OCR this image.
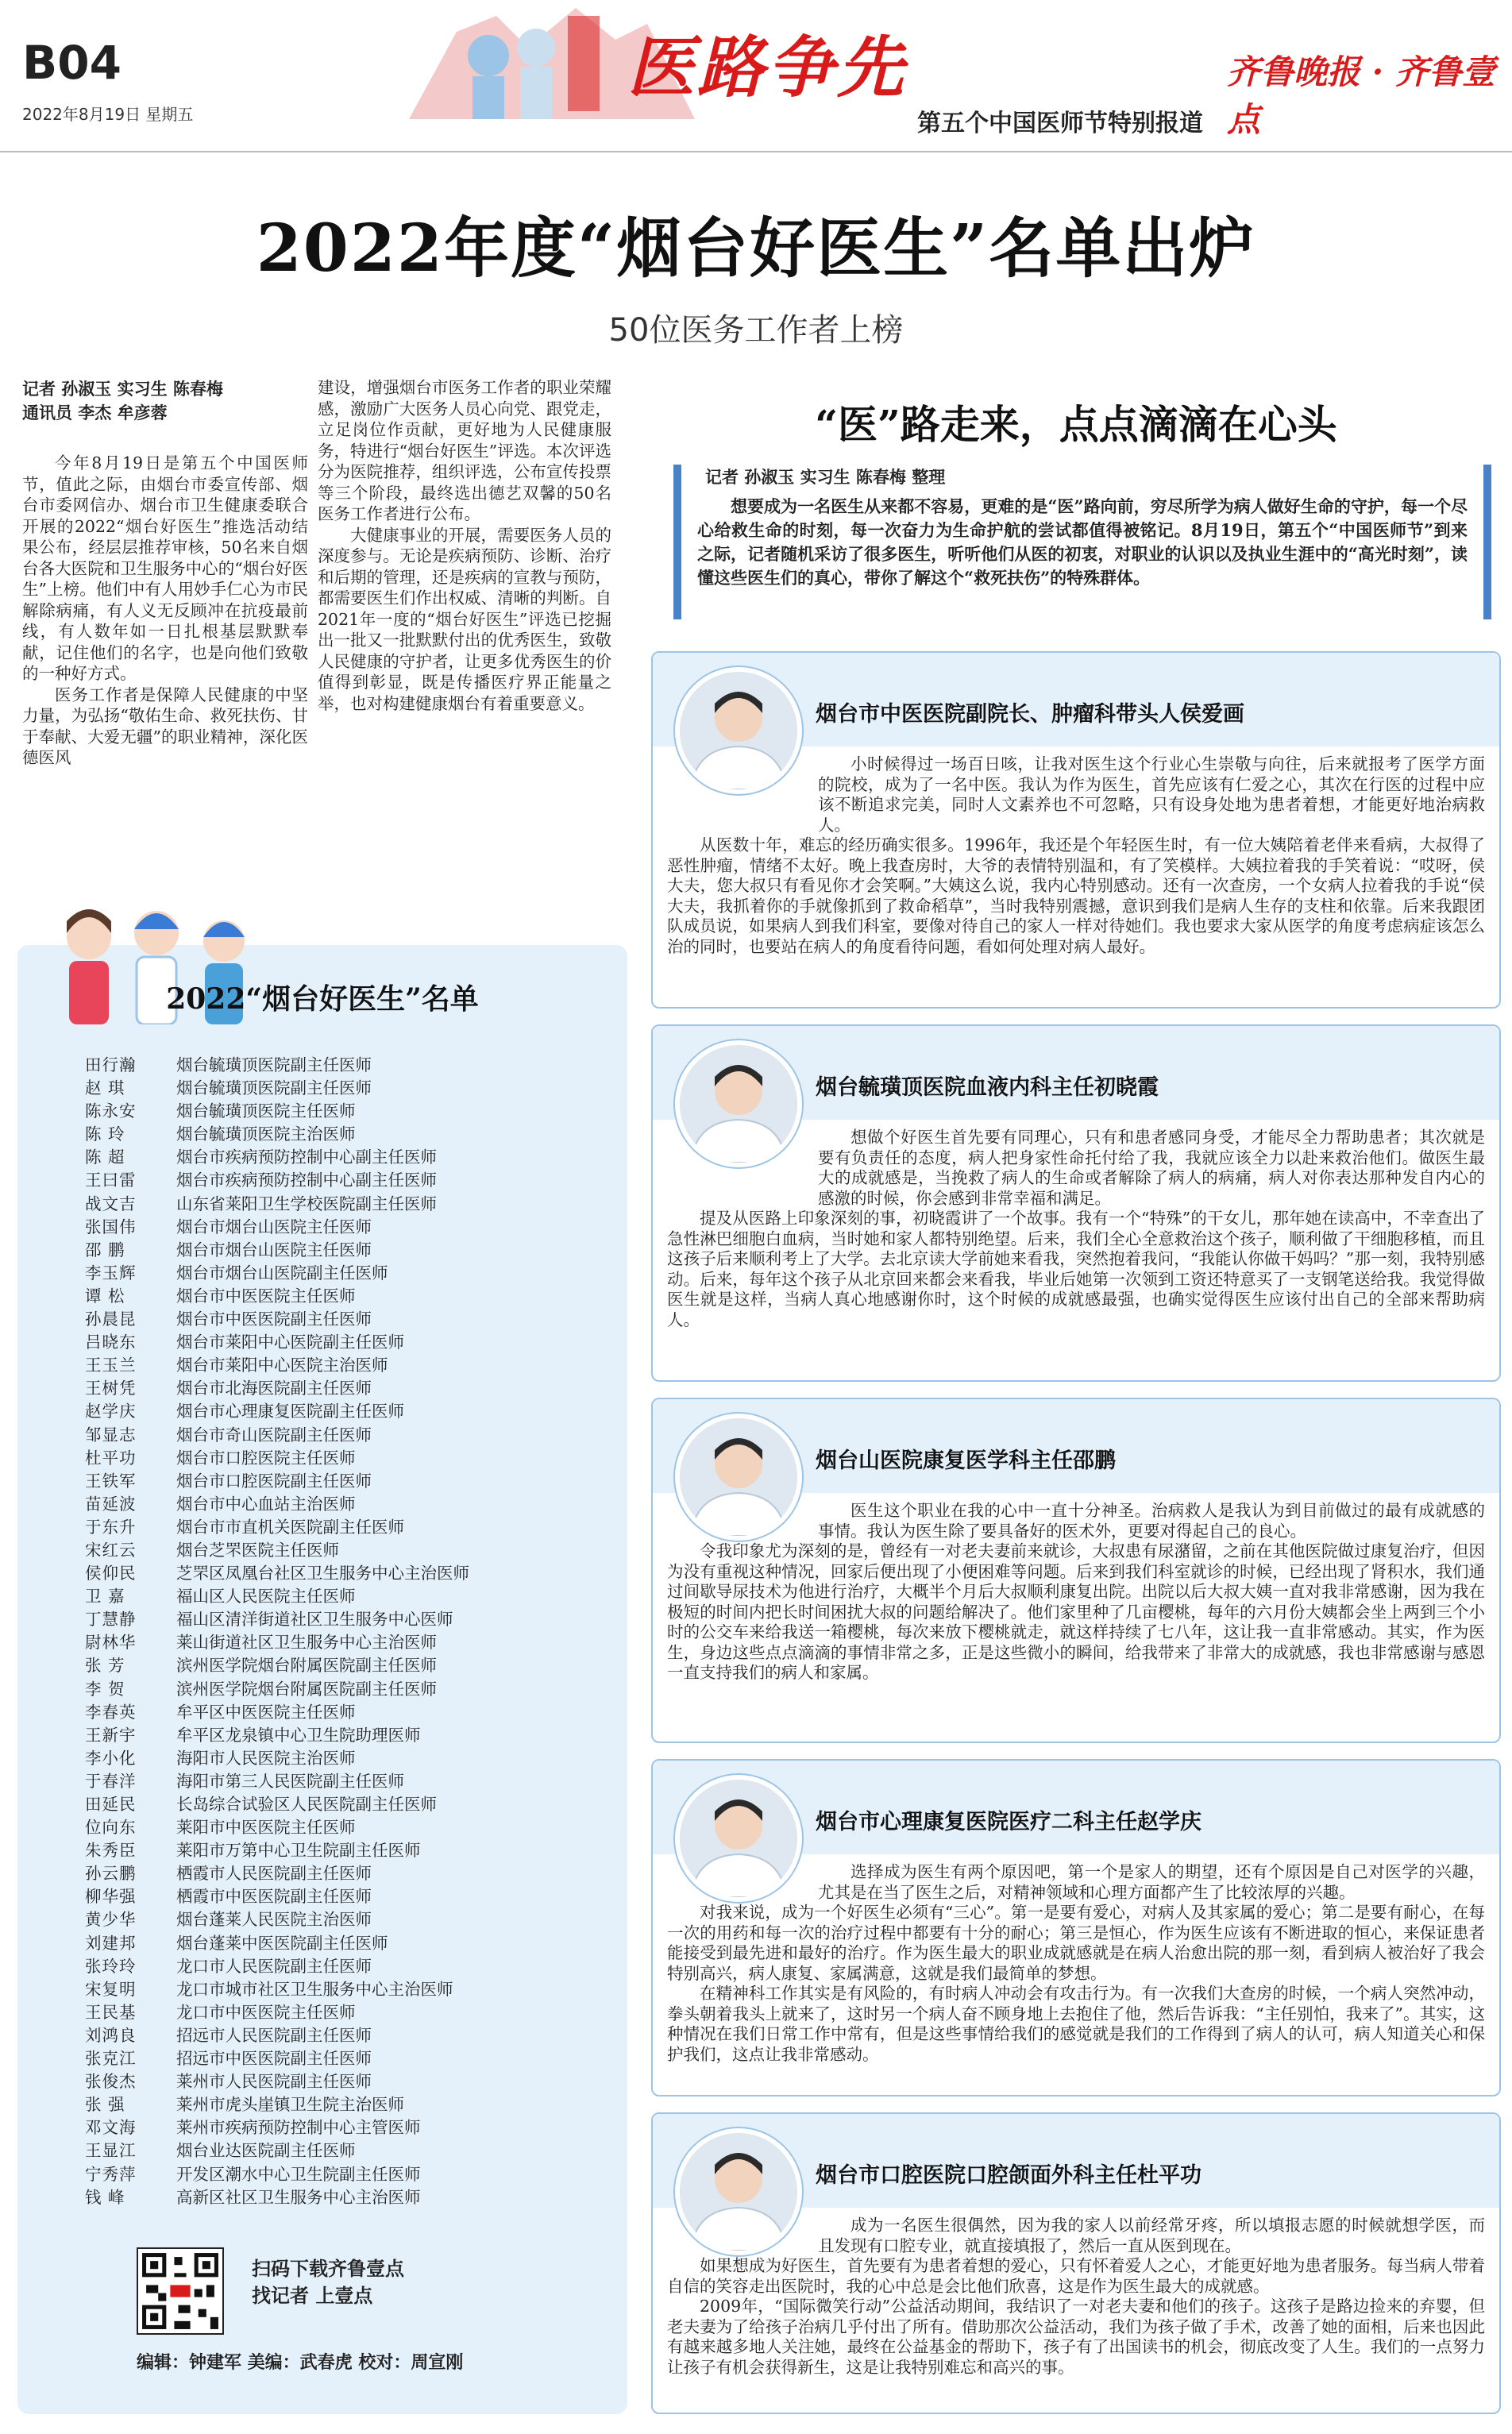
B04
2022年8月19日 星期五
医路争先
第五个中国医师节特别报道
齐鲁晚报 · 齐鲁壹点
2022年度“烟台好医生”名单出炉
50位医务工作者上榜
记者 孙淑玉 实习生 陈春梅
通讯员 李杰 牟彦蓉

今年8月19日是第五个中国医师节，值此之际，由烟台市委宣传部、烟台市委网信办、烟台市卫生健康委联合开展的2022“烟台好医生”推选活动结果公布，经层层推荐审核，50名来自烟台各大医院和卫生服务中心的“烟台好医生”上榜。他们中有人用妙手仁心为市民解除病痛，有人义无反顾冲在抗疫最前线，有人数年如一日扎根基层默默奉献，记住他们的名字，也是向他们致敬的一种好方式。

医务工作者是保障人民健康的中坚力量，为弘扬“敬佑生命、救死扶伤、甘于奉献、大爱无疆”的职业精神，深化医德医风

建设，增强烟台市医务工作者的职业荣耀感，激励广大医务人员心向党、跟党走，立足岗位作贡献，更好地为人民健康服务，特进行“烟台好医生”评选。本次评选分为医院推荐，组织评选，公布宣传投票等三个阶段，最终选出德艺双馨的50名医务工作者进行公布。

大健康事业的开展，需要医务人员的深度参与。无论是疾病预防、诊断、治疗和后期的管理，还是疾病的宣教与预防，都需要医生们作出权威、清晰的判断。自2021年一度的“烟台好医生”评选已挖掘出一批又一批默默付出的优秀医生，致敬人民健康的守护者，让更多优秀医生的价值得到彰显，既是传播医疗界正能量之举，也对构建健康烟台有着重要意义。

“医”路走来，点点滴滴在心头
记者 孙淑玉 实习生 陈春梅 整理

想要成为一名医生从来都不容易，更难的是“医”路向前，穷尽所学为病人做好生命的守护，每一个尽心给救生命的时刻，每一次奋力为生命护航的尝试都值得被铭记。8月19日，第五个“中国医师节”到来之际，记者随机采访了很多医生，听听他们从医的初衷，对职业的认识以及执业生涯中的“高光时刻”，读懂这些医生们的真心，带你了解这个“救死扶伤”的特殊群体。

2022“烟台好医生”名单
田行瀚	烟台毓璜顶医院副主任医师
赵 琪	烟台毓璜顶医院副主任医师
陈永安	烟台毓璜顶医院主任医师
陈 玲	烟台毓璜顶医院主治医师
陈 超	烟台市疾病预防控制中心副主任医师
王曰雷	烟台市疾病预防控制中心副主任医师
战文吉	山东省莱阳卫生学校医院副主任医师
张国伟	烟台市烟台山医院主任医师
邵 鹏	烟台市烟台山医院主任医师
李玉辉	烟台市烟台山医院副主任医师
谭 松	烟台市中医医院主任医师
孙晨昆	烟台市中医医院副主任医师
吕晓东	烟台市莱阳中心医院副主任医师
王玉兰	烟台市莱阳中心医院主治医师
王树凭	烟台市北海医院副主任医师
赵学庆	烟台市心理康复医院副主任医师
邹显志	烟台市奇山医院副主任医师
杜平功	烟台市口腔医院主任医师
王铁军	烟台市口腔医院副主任医师
苗延波	烟台市中心血站主治医师
于东升	烟台市市直机关医院副主任医师
宋红云	烟台芝罘医院主任医师
侯仰民	芝罘区凤凰台社区卫生服务中心主治医师
卫 嘉	福山区人民医院主任医师
丁慧静	福山区清洋街道社区卫生服务中心医师
尉林华	莱山街道社区卫生服务中心主治医师
张 芳	滨州医学院烟台附属医院副主任医师
李 贺	滨州医学院烟台附属医院副主任医师
李春英	牟平区中医医院主任医师
王新宇	牟平区龙泉镇中心卫生院助理医师
李小化	海阳市人民医院主治医师
于春洋	海阳市第三人民医院副主任医师
田延民	长岛综合试验区人民医院副主任医师
位向东	莱阳市中医医院主任医师
朱秀臣	莱阳市万第中心卫生院副主任医师
孙云鹏	栖霞市人民医院副主任医师
柳华强	栖霞市中医医院副主任医师
黄少华	烟台蓬莱人民医院主治医师
刘建邦	烟台蓬莱中医医院副主任医师
张玲玲	龙口市人民医院副主任医师
宋复明	龙口市城市社区卫生服务中心主治医师
王民基	龙口市中医医院主任医师
刘鸿良	招远市人民医院副主任医师
张克江	招远市中医医院副主任医师
张俊杰	莱州市人民医院副主任医师
张 强	莱州市虎头崖镇卫生院主治医师
邓文海	莱州市疾病预防控制中心主管医师
王显江	烟台业达医院副主任医师
宁秀萍	开发区潮水中心卫生院副主任医师
钱 峰	高新区社区卫生服务中心主治医师
扫码下载齐鲁壹点
找记者 上壹点
编辑：钟建军 美编：武春虎 校对：周宣刚
烟台市中医医院副院长、肿瘤科带头人侯爱画

小时候得过一场百日咳，让我对医生这个行业心生崇敬与向往，后来就报考了医学方面的院校，成为了一名中医。我认为作为医生，首先应该有仁爱之心，其次在行医的过程中应该不断追求完美，同时人文素养也不可忽略，只有设身处地为患者着想，才能更好地治病救人。

从医数十年，难忘的经历确实很多。1996年，我还是个年轻医生时，有一位大姨陪着老伴来看病，大叔得了恶性肿瘤，情绪不太好。晚上我查房时，大爷的表情特别温和，有了笑模样。大姨拉着我的手笑着说：“哎呀，侯大夫，您大叔只有看见你才会笑啊。”大姨这么说，我内心特别感动。还有一次查房，一个女病人拉着我的手说“侯大夫，我抓着你的手就像抓到了救命稻草”，当时我特别震撼，意识到我们是病人生存的支柱和依靠。后来我跟团队成员说，如果病人到我们科室，要像对待自己的家人一样对待她们。我也要求大家从医学的角度考虑病症该怎么治的同时，也要站在病人的角度看待问题，看如何处理对病人最好。

烟台毓璜顶医院血液内科主任初晓霞

想做个好医生首先要有同理心，只有和患者感同身受，才能尽全力帮助患者；其次就是要有负责任的态度，病人把身家性命托付给了我，我就应该全力以赴来救治他们。做医生最大的成就感是，当挽救了病人的生命或者解除了病人的病痛，病人对你表达那种发自内心的感激的时候，你会感到非常幸福和满足。

提及从医路上印象深刻的事，初晓霞讲了一个故事。我有一个“特殊”的干女儿，那年她在读高中，不幸查出了急性淋巴细胞白血病，当时她和家人都特别绝望。后来，我们全心全意救治这个孩子，顺利做了干细胞移植，而且这孩子后来顺利考上了大学。去北京读大学前她来看我，突然抱着我问，“我能认你做干妈吗？”那一刻，我特别感动。后来，每年这个孩子从北京回来都会来看我，毕业后她第一次领到工资还特意买了一支钢笔送给我。我觉得做医生就是这样，当病人真心地感谢你时，这个时候的成就感最强，也确实觉得医生应该付出自己的全部来帮助病人。

烟台山医院康复医学科主任邵鹏

医生这个职业在我的心中一直十分神圣。治病救人是我认为到目前做过的最有成就感的事情。我认为医生除了要具备好的医术外，更要对得起自己的良心。

令我印象尤为深刻的是，曾经有一对老夫妻前来就诊，大叔患有尿潴留，之前在其他医院做过康复治疗，但因为没有重视这种情况，回家后便出现了小便困难等问题。后来到我们科室就诊的时候，已经出现了肾积水，我们通过间歇导尿技术为他进行治疗，大概半个月后大叔顺利康复出院。出院以后大叔大姨一直对我非常感谢，因为我在极短的时间内把长时间困扰大叔的问题给解决了。他们家里种了几亩樱桃，每年的六月份大姨都会坐上两到三个小时的公交车来给我送一箱樱桃，每次来放下樱桃就走，就这样持续了七八年，这让我一直非常感动。其实，作为医生，身边这些点点滴滴的事情非常之多，正是这些微小的瞬间，给我带来了非常大的成就感，我也非常感谢与感恩一直支持我们的病人和家属。

烟台市心理康复医院医疗二科主任赵学庆

选择成为医生有两个原因吧，第一个是家人的期望，还有个原因是自己对医学的兴趣，尤其是在当了医生之后，对精神领域和心理方面都产生了比较浓厚的兴趣。

对我来说，成为一个好医生必须有“三心”。第一是要有爱心，对病人及其家属的爱心；第二是要有耐心，在每一次的用药和每一次的治疗过程中都要有十分的耐心；第三是恒心，作为医生应该有不断进取的恒心，来保证患者能接受到最先进和最好的治疗。作为医生最大的职业成就感就是在病人治愈出院的那一刻，看到病人被治好了我会特别高兴，病人康复、家属满意，这就是我们最简单的梦想。

在精神科工作其实是有风险的，有时病人冲动会有攻击行为。有一次我们大查房的时候，一个病人突然冲动，拳头朝着我头上就来了，这时另一个病人奋不顾身地上去抱住了他，然后告诉我：“主任别怕，我来了”。其实，这种情况在我们日常工作中常有，但是这些事情给我们的感觉就是我们的工作得到了病人的认可，病人知道关心和保护我们，这点让我非常感动。

烟台市口腔医院口腔颌面外科主任杜平功

成为一名医生很偶然，因为我的家人以前经常牙疼，所以填报志愿的时候就想学医，而且发现有口腔专业，就直接填报了，然后一直从医到现在。

如果想成为好医生，首先要有为患者着想的爱心，只有怀着爱人之心，才能更好地为患者服务。每当病人带着自信的笑容走出医院时，我的心中总是会比他们欣喜，这是作为医生最大的成就感。

2009年，“国际微笑行动”公益活动期间，我结识了一对老夫妻和他们的孩子。这孩子是路边捡来的弃婴，但老夫妻为了给孩子治病几乎付出了所有。借助那次公益活动，我们为孩子做了手术，改善了她的面相，后来也因此有越来越多地人关注她，最终在公益基金的帮助下，孩子有了出国读书的机会，彻底改变了人生。我们的一点努力让孩子有机会获得新生，这是让我特别难忘和高兴的事。
